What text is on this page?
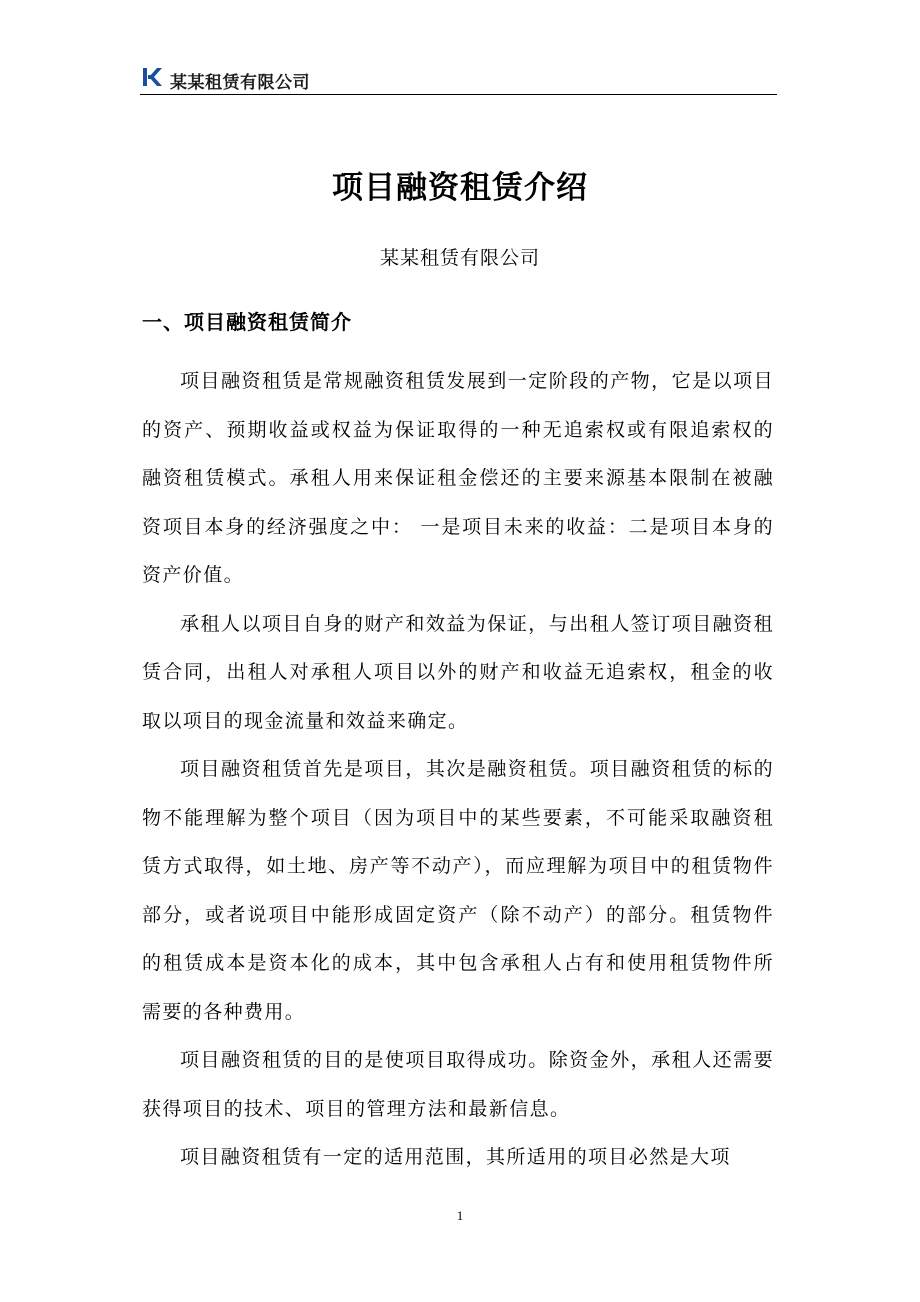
某某租赁有限公司
项目融资租赁介绍
某某租赁有限公司
一、项目融资租赁简介

项目融资租赁是常规融资租赁发展到一定阶段的产物，它是以项目的资产、预期收益或权益为保证取得的一种无追索权或有限追索权的融资租赁模式。承租人用来保证租金偿还的主要来源基本限制在被融资项目本身的经济强度之中： 一是项目未来的收益：二是项目本身的资产价值。

承租人以项目自身的财产和效益为保证，与出租人签订项目融资租赁合同，出租人对承租人项目以外的财产和收益无追索权，租金的收取以项目的现金流量和效益来确定。

项目融资租赁首先是项目，其次是融资租赁。项目融资租赁的标的物不能理解为整个项目（因为项目中的某些要素，不可能采取融资租赁方式取得，如土地、房产等不动产），而应理解为项目中的租赁物件部分，或者说项目中能形成固定资产（除不动产）的部分。租赁物件的租赁成本是资本化的成本，其中包含承租人占有和使用租赁物件所需要的各种费用。

项目融资租赁的目的是使项目取得成功。除资金外，承租人还需要获得项目的技术、项目的管理方法和最新信息。

项目融资租赁有一定的适用范围，其所适用的项目必然是大项

1
